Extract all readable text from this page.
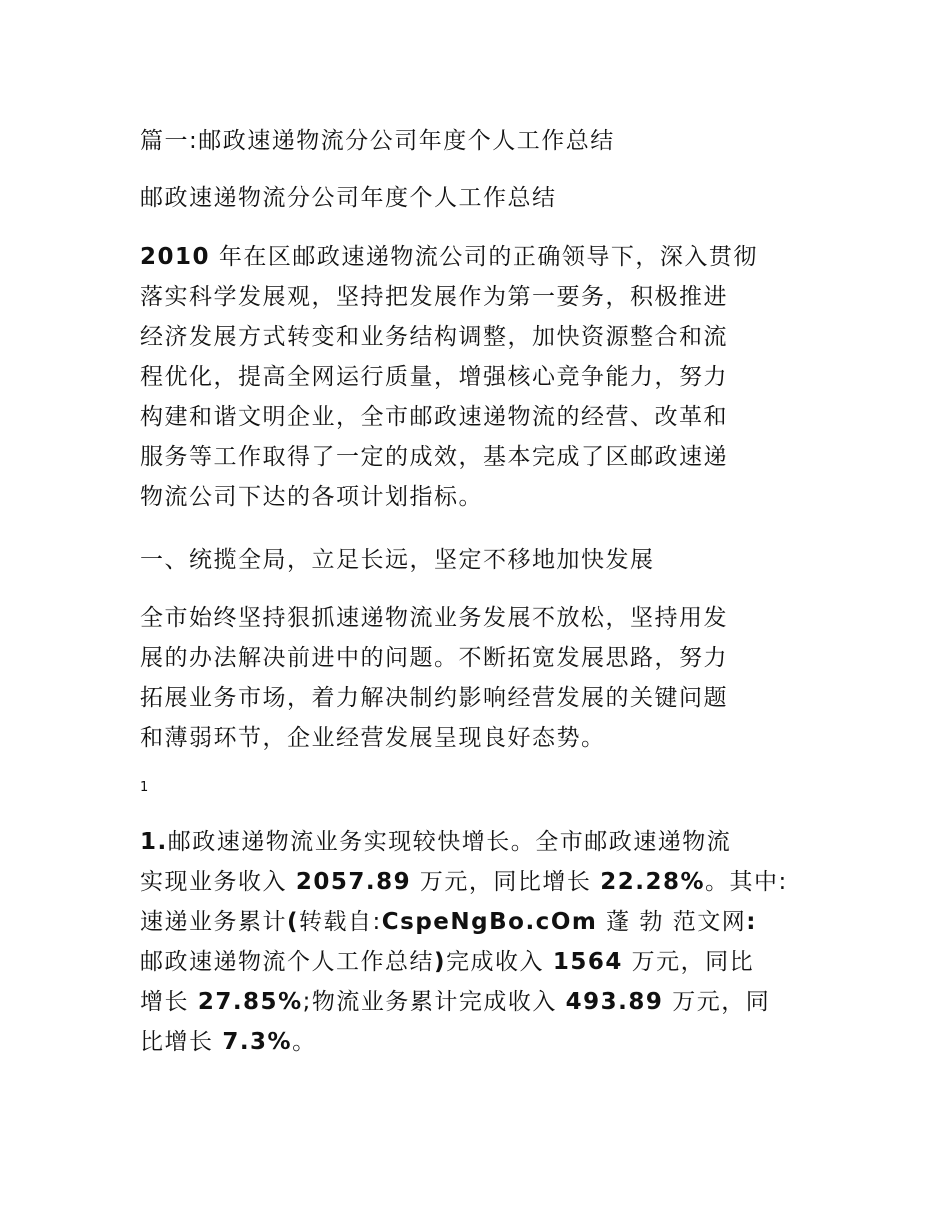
篇一:邮政速递物流分公司年度个人工作总结
邮政速递物流分公司年度个人工作总结
2010 年在区邮政速递物流公司的正确领导下，深入贯彻
落实科学发展观，坚持把发展作为第一要务，积极推进
经济发展方式转变和业务结构调整，加快资源整合和流
程优化，提高全网运行质量，增强核心竞争能力，努力
构建和谐文明企业，全市邮政速递物流的经营、改革和
服务等工作取得了一定的成效，基本完成了区邮政速递
物流公司下达的各项计划指标。
一、统揽全局，立足长远，坚定不移地加快发展
全市始终坚持狠抓速递物流业务发展不放松，坚持用发
展的办法解决前进中的问题。不断拓宽发展思路，努力
拓展业务市场，着力解决制约影响经营发展的关键问题
和薄弱环节，企业经营发展呈现良好态势。
1
1.邮政速递物流业务实现较快增长。全市邮政速递物流
实现业务收入 2057.89 万元，同比增长 22.28%。其中:
速递业务累计(转载自:CspeNgBo.cOm 蓬 勃 范文网:
邮政速递物流个人工作总结)完成收入 1564 万元，同比
增长 27.85%;物流业务累计完成收入 493.89 万元，同
比增长 7.3%。
